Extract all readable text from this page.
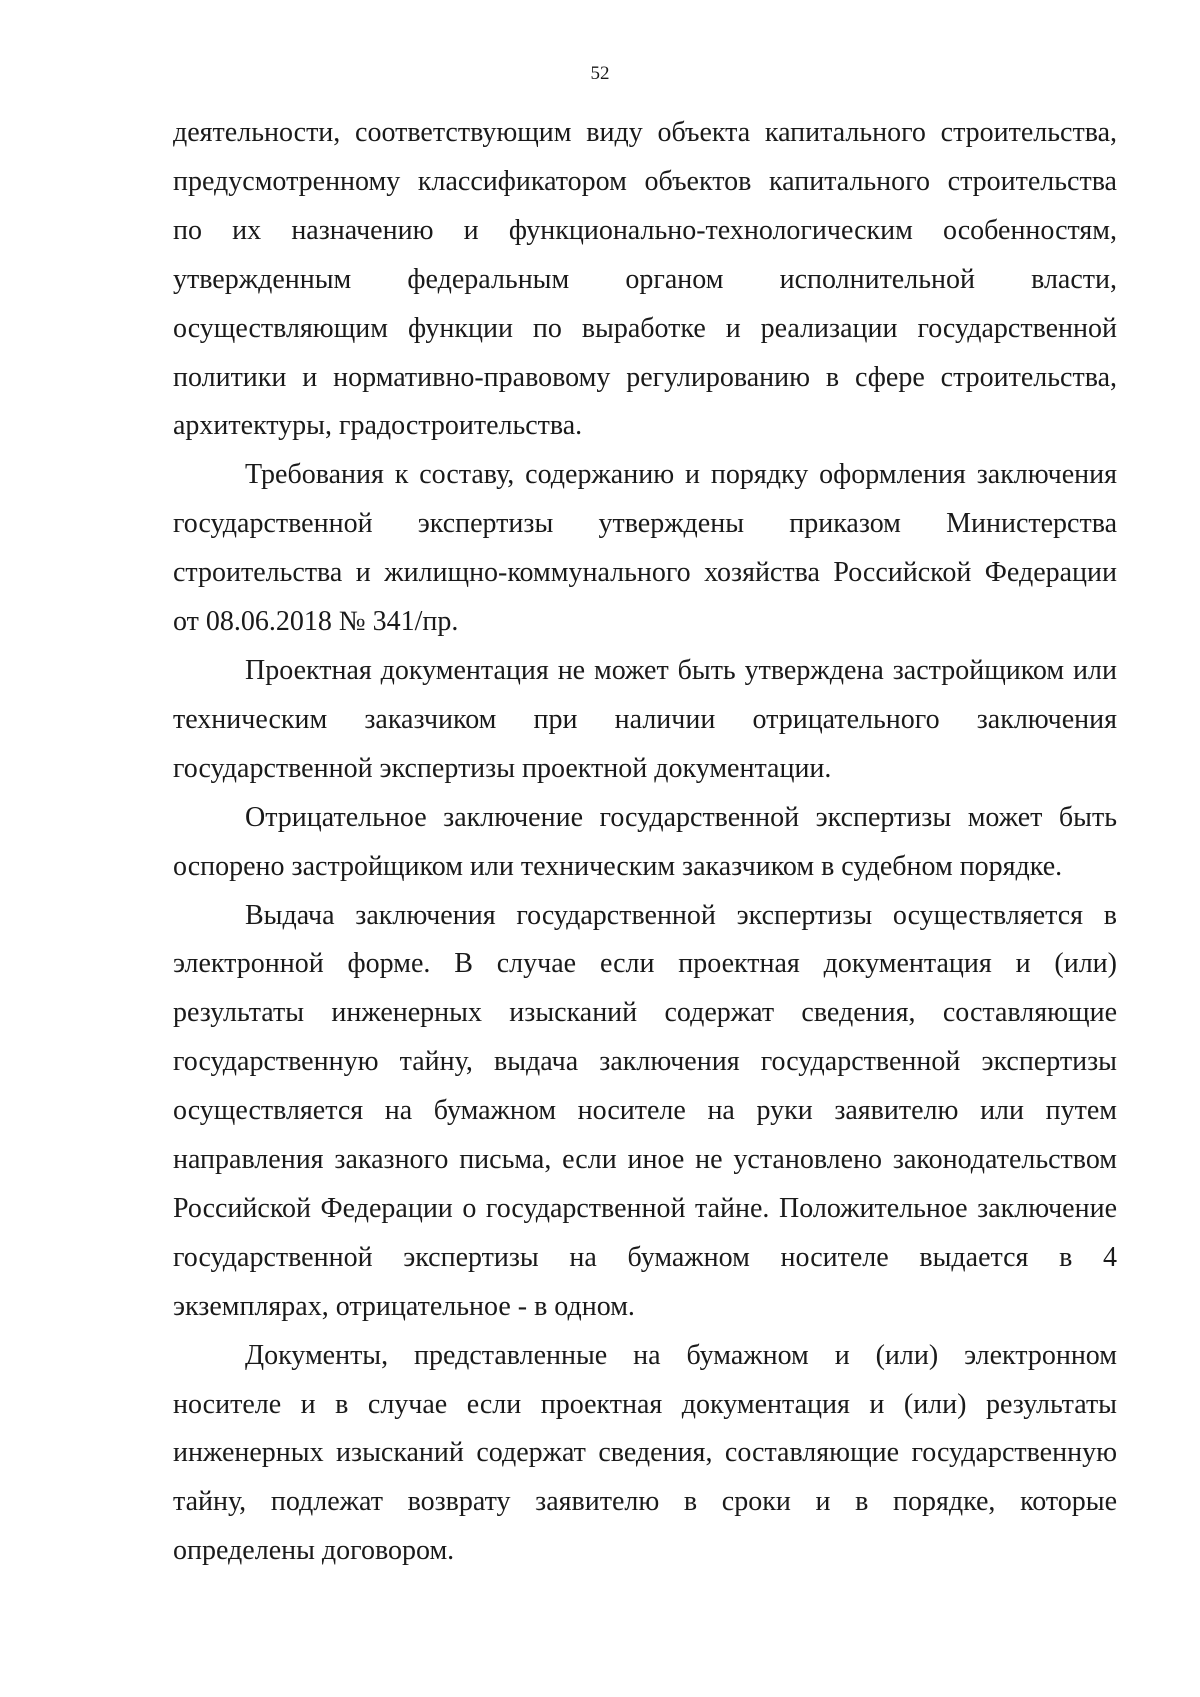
52
деятельности, соответствующим виду объекта капитального строительства,
предусмотренному классификатором объектов капитального строительства
по их назначению и функционально-технологическим особенностям,
утвержденным федеральным органом исполнительной власти,
осуществляющим функции по выработке и реализации государственной
политики и нормативно-правовому регулированию в сфере строительства,
архитектуры, градостроительства.
Требования к составу, содержанию и порядку оформления заключения
государственной экспертизы утверждены приказом Министерства
строительства и жилищно-коммунального хозяйства Российской Федерации
от 08.06.2018 № 341/пр.
Проектная документация не может быть утверждена застройщиком или
техническим заказчиком при наличии отрицательного заключения
государственной экспертизы проектной документации.
Отрицательное заключение государственной экспертизы может быть
оспорено застройщиком или техническим заказчиком в судебном порядке.
Выдача заключения государственной экспертизы осуществляется в
электронной форме. В случае если проектная документация и (или)
результаты инженерных изысканий содержат сведения, составляющие
государственную тайну, выдача заключения государственной экспертизы
осуществляется на бумажном носителе на руки заявителю или путем
направления заказного письма, если иное не установлено законодательством
Российской Федерации о государственной тайне. Положительное заключение
государственной экспертизы на бумажном носителе выдается в 4
экземплярах, отрицательное - в одном.
Документы, представленные на бумажном и (или) электронном
носителе и в случае если проектная документация и (или) результаты
инженерных изысканий содержат сведения, составляющие государственную
тайну, подлежат возврату заявителю в сроки и в порядке, которые
определены договором.
